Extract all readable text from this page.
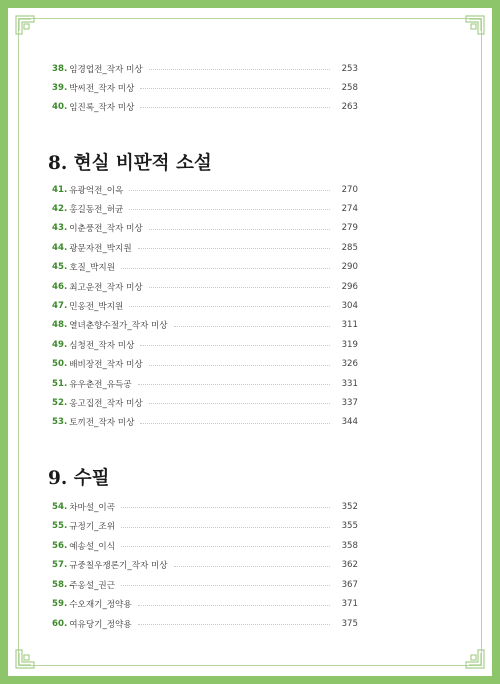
38. 임경업전_작자 미상	253
39. 박씨전_작자 미상	258
40. 임진록_작자 미상	263
8. 현실 비판적 소설
41. 유광억전_이옥	270
42. 홍길동전_허균	274
43. 이춘풍전_작자 미상	279
44. 광문자전_박지원	285
45. 호질_박지원	290
46. 최고운전_작자 미상	296
47. 민옹전_박지원	304
48. 열녀춘향수절가_작자 미상	311
49. 심청전_작자 미상	319
50. 배비장전_작자 미상	326
51. 유우춘전_유득공	331
52. 옹고집전_작자 미상	337
53. 토끼전_작자 미상	344
9. 수필
54. 차마설_이곡	352
55. 규정기_조위	355
56. 예송설_이식	358
57. 규중칠우쟁론기_작자 미상	362
58. 주옹설_권근	367
59. 수오재기_정약용	371
60. 여유당기_정약용	375
